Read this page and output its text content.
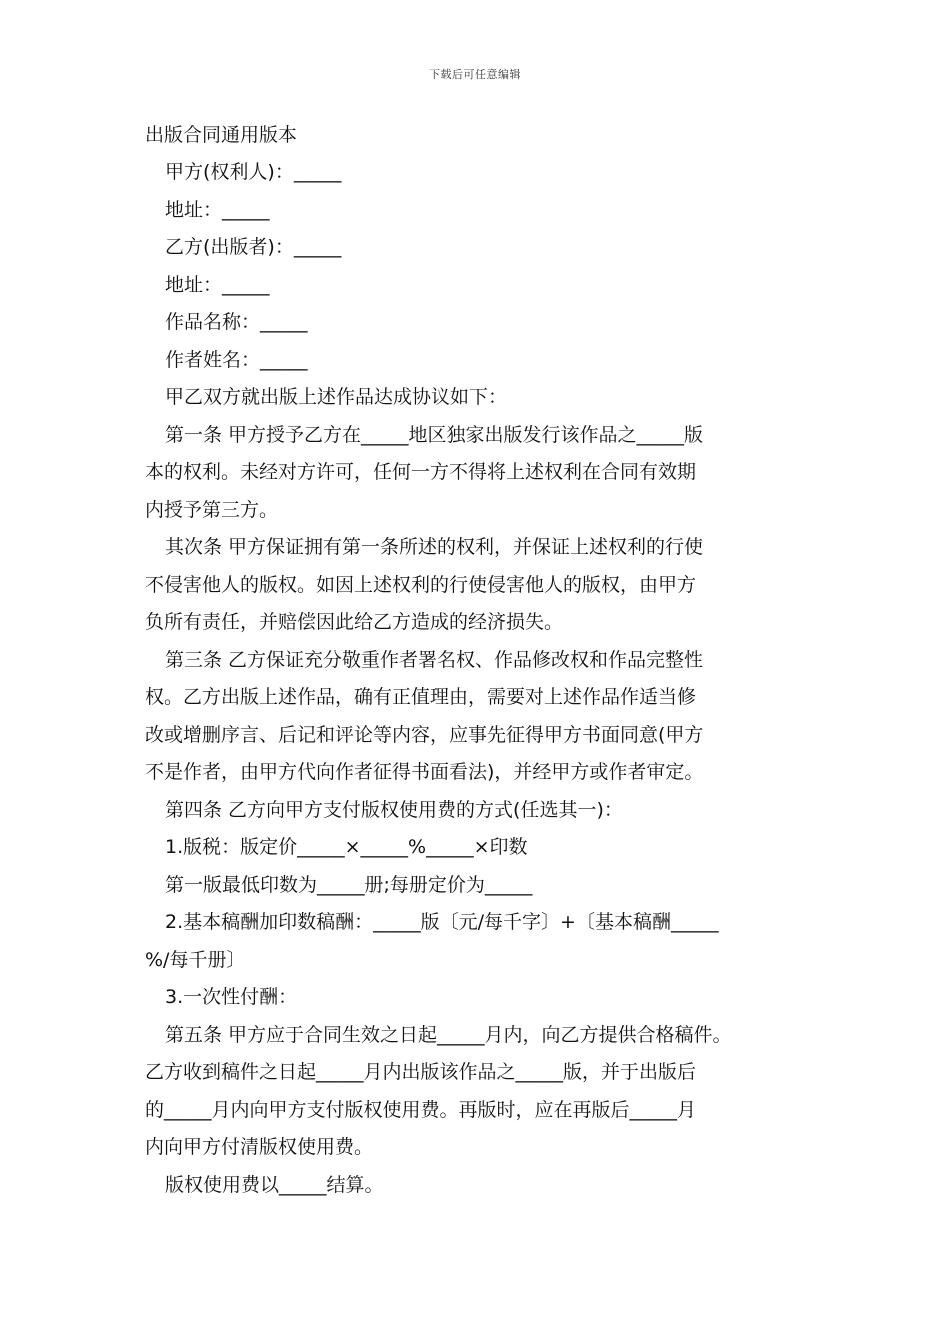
下载后可任意编辑
出版合同通用版本
甲方(权利人)：_____
地址：_____
乙方(出版者)：_____
地址：_____
作品名称：_____
作者姓名：_____
甲乙双方就出版上述作品达成协议如下：
第一条 甲方授予乙方在_____地区独家出版发行该作品之_____版
本的权利。未经对方许可，任何一方不得将上述权利在合同有效期
内授予第三方。
其次条 甲方保证拥有第一条所述的权利，并保证上述权利的行使
不侵害他人的版权。如因上述权利的行使侵害他人的版权，由甲方
负所有责任，并赔偿因此给乙方造成的经济损失。
第三条 乙方保证充分敬重作者署名权、作品修改权和作品完整性
权。乙方出版上述作品，确有正值理由，需要对上述作品作适当修
改或增删序言、后记和评论等内容，应事先征得甲方书面同意(甲方
不是作者，由甲方代向作者征得书面看法)，并经甲方或作者审定。
第四条 乙方向甲方支付版权使用费的方式(任选其一)：
1.版税：版定价_____×_____%_____×印数
第一版最低印数为_____册;每册定价为_____
2.基本稿酬加印数稿酬：_____版〔元/每千字〕+〔基本稿酬_____
%/每千册〕
3.一次性付酬：
第五条 甲方应于合同生效之日起_____月内，向乙方提供合格稿件。
乙方收到稿件之日起_____月内出版该作品之_____版，并于出版后
的_____月内向甲方支付版权使用费。再版时，应在再版后_____月
内向甲方付清版权使用费。
版权使用费以_____结算。
